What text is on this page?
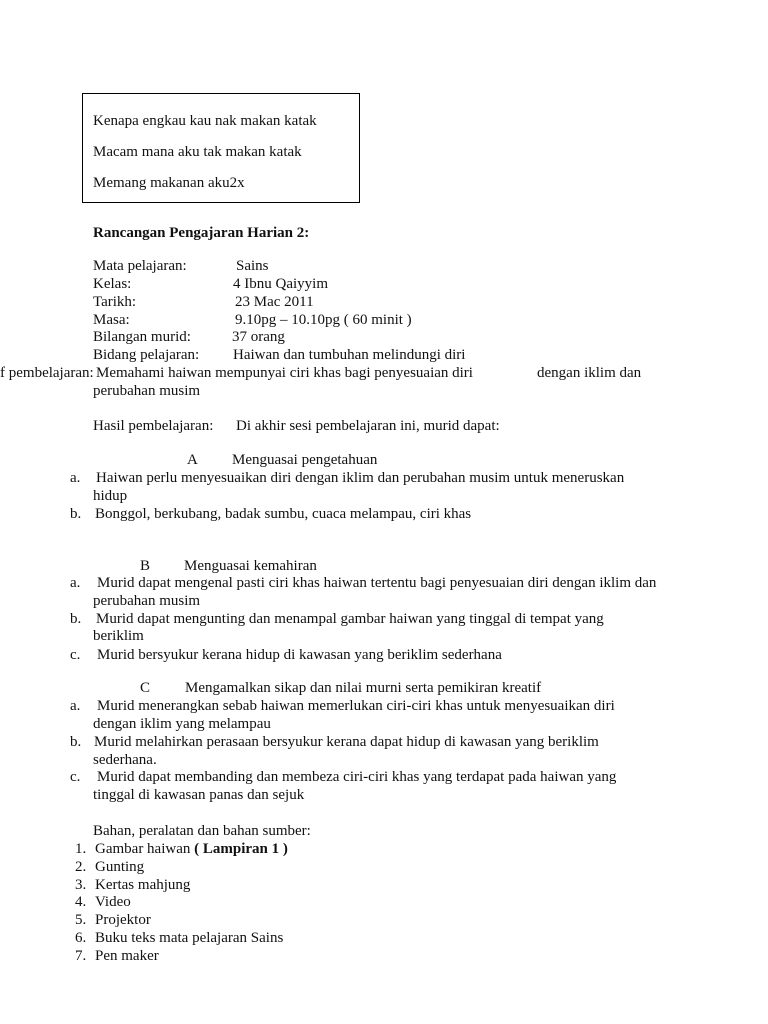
Kenapa engkau kau nak makan katak
Macam mana aku tak makan katak
Memang makanan aku2x
Rancangan Pengajaran Harian 2:
Mata pelajaran:	Sains
Kelas:	4 Ibnu Qaiyyim
Tarikh:	23 Mac 2011
Masa:	9.10pg – 10.10pg ( 60 minit )
Bilangan murid:	37 orang
Bidang pelajaran: Haiwan dan tumbuhan melindungi diri
f pembelajaran: Memahami haiwan mempunyai ciri khas bagi penyesuaian diri	dengan iklim dan
perubahan musim
Hasil pembelajaran: Di akhir sesi pembelajaran ini, murid dapat:
A Menguasai pengetahuan
a. Haiwan perlu menyesuaikan diri dengan iklim dan perubahan musim untuk meneruskan
hidup
b. Bonggol, berkubang, badak sumbu, cuaca melampau, ciri khas
B Menguasai kemahiran
a. Murid dapat mengenal pasti ciri khas haiwan tertentu bagi penyesuaian diri dengan iklim dan
perubahan musim
b. Murid dapat mengunting dan menampal gambar haiwan yang tinggal di tempat yang
beriklim
c. Murid bersyukur kerana hidup di kawasan yang beriklim sederhana
C Mengamalkan sikap dan nilai murni serta pemikiran kreatif
a. Murid menerangkan sebab haiwan memerlukan ciri-ciri khas untuk menyesuaikan diri
dengan iklim yang melampau
b. Murid melahirkan perasaan bersyukur kerana dapat hidup di kawasan yang beriklim
sederhana.
c. Murid dapat membanding dan membeza ciri-ciri khas yang terdapat pada haiwan yang
tinggal di kawasan panas dan sejuk
Bahan, peralatan dan bahan sumber:
1. Gambar haiwan ( Lampiran 1 )
2. Gunting
3. Kertas mahjung
4. Video
5. Projektor
6. Buku teks mata pelajaran Sains
7. Pen maker
